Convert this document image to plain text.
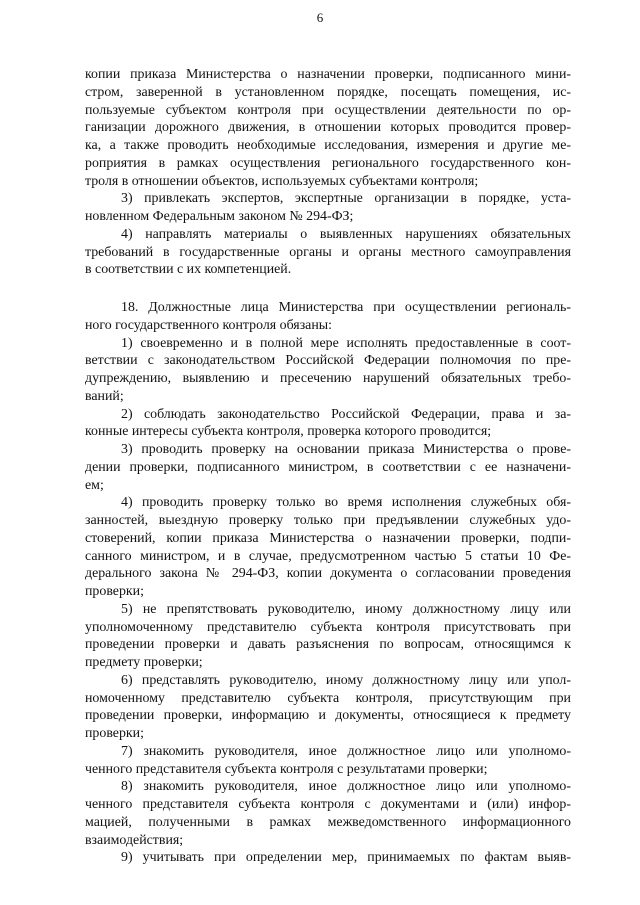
6
копии приказа Министерства о назначении проверки, подписанного мини-
стром, заверенной в установленном порядке, посещать помещения, ис-
пользуемые субъектом контроля при осуществлении деятельности по ор-
ганизации дорожного движения, в отношении которых проводится провер-
ка, а также проводить необходимые исследования, измерения и другие ме-
роприятия в рамках осуществления регионального государственного кон-
троля в отношении объектов, используемых субъектами контроля;
3) привлекать экспертов, экспертные организации в порядке, уста-
новленном Федеральным законом № 294-ФЗ;
4) направлять материалы о выявленных нарушениях обязательных
требований в государственные органы и органы местного самоуправления
в соответствии с их компетенцией.
18. Должностные лица Министерства при осуществлении региональ-
ного государственного контроля обязаны:
1) своевременно и в полной мере исполнять предоставленные в соот-
ветствии с законодательством Российской Федерации полномочия по пре-
дупреждению, выявлению и пресечению нарушений обязательных требо-
ваний;
2) соблюдать законодательство Российской Федерации, права и за-
конные интересы субъекта контроля, проверка которого проводится;
3) проводить проверку на основании приказа Министерства о прове-
дении проверки, подписанного министром, в соответствии с ее назначени-
ем;
4) проводить проверку только во время исполнения служебных обя-
занностей, выездную проверку только при предъявлении служебных удо-
стоверений, копии приказа Министерства о назначении проверки, подпи-
санного министром, и в случае, предусмотренном частью 5 статьи 10 Фе-
дерального закона № 294-ФЗ, копии документа о согласовании проведения
проверки;
5) не препятствовать руководителю, иному должностному лицу или
уполномоченному представителю субъекта контроля присутствовать при
проведении проверки и давать разъяснения по вопросам, относящимся к
предмету проверки;
6) представлять руководителю, иному должностному лицу или упол-
номоченному представителю субъекта контроля, присутствующим при
проведении проверки, информацию и документы, относящиеся к предмету
проверки;
7) знакомить руководителя, иное должностное лицо или уполномо-
ченного представителя субъекта контроля с результатами проверки;
8) знакомить руководителя, иное должностное лицо или уполномо-
ченного представителя субъекта контроля с документами и (или) инфор-
мацией, полученными в рамках межведомственного информационного
взаимодействия;
9) учитывать при определении мер, принимаемых по фактам выяв-
